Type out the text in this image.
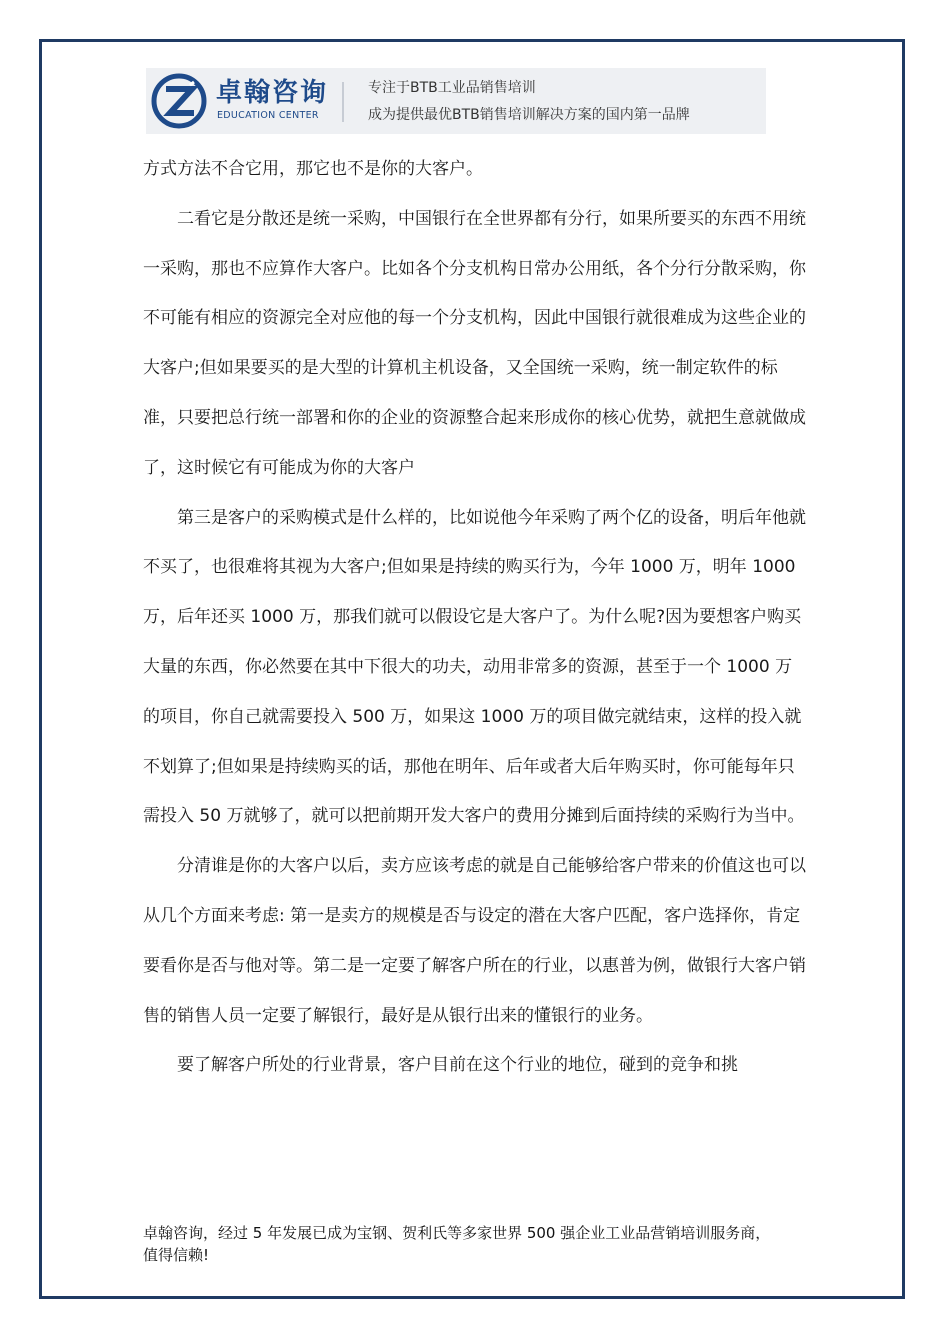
卓翰咨询
EDUCATION CENTER
专注于BTB工业品销售培训
成为提供最优BTB销售培训解决方案的国内第一品牌

方式方法不合它用，那它也不是你的大客户。

二看它是分散还是统一采购，中国银行在全世界都有分行，如果所要买的东西不用统一采购，那也不应算作大客户。比如各个分支机构日常办公用纸，各个分行分散采购，你不可能有相应的资源完全对应他的每一个分支机构，因此中国银行就很难成为这些企业的大客户;但如果要买的是大型的计算机主机设备，又全国统一采购，统一制定软件的标准，只要把总行统一部署和你的企业的资源整合起来形成你的核心优势，就把生意就做成了，这时候它有可能成为你的大客户

第三是客户的采购模式是什么样的，比如说他今年采购了两个亿的设备，明后年他就不买了，也很难将其视为大客户;但如果是持续的购买行为，今年 1000 万，明年 1000 万，后年还买 1000 万，那我们就可以假设它是大客户了。为什么呢?因为要想客户购买大量的东西，你必然要在其中下很大的功夫，动用非常多的资源，甚至于一个 1000 万的项目，你自己就需要投入 500 万，如果这 1000 万的项目做完就结束，这样的投入就不划算了;但如果是持续购买的话，那他在明年、后年或者大后年购买时，你可能每年只需投入 50 万就够了，就可以把前期开发大客户的费用分摊到后面持续的采购行为当中。

分清谁是你的大客户以后，卖方应该考虑的就是自己能够给客户带来的价值这也可以从几个方面来考虑: 第一是卖方的规模是否与设定的潜在大客户匹配，客户选择你，肯定要看你是否与他对等。第二是一定要了解客户所在的行业，以惠普为例，做银行大客户销售的销售人员一定要了解银行，最好是从银行出来的懂银行的业务。

要了解客户所处的行业背景，客户目前在这个行业的地位，碰到的竞争和挑

卓翰咨询，经过 5 年发展已成为宝钢、贺利氏等多家世界 500 强企业工业品营销培训服务商，
值得信赖!
